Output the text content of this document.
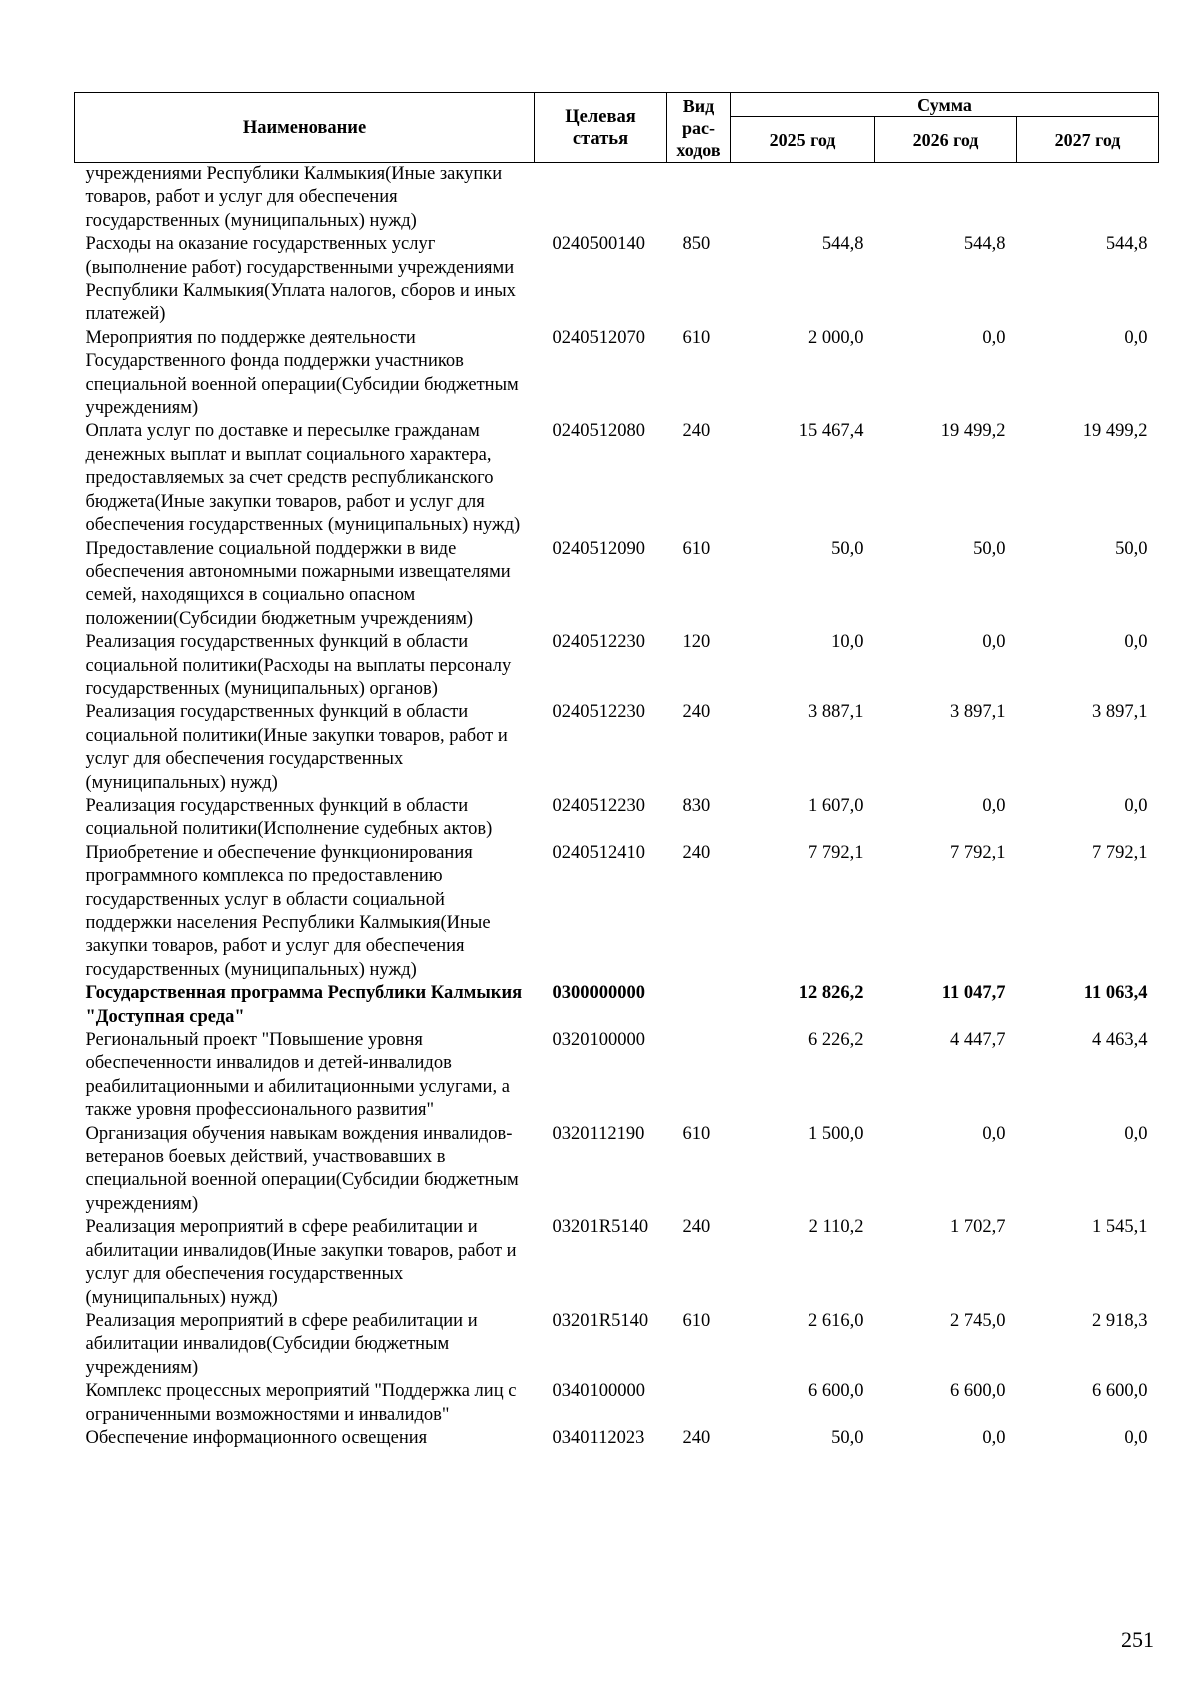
Наименование	Целевая статья	Вид рас-ходов	Сумма		
			2025 год	2026 год	2027 год
учреждениями Республики Калмыкия(Иные закупки товаров, работ и услуг для обеспечения государственных (муниципальных) нужд)					
Расходы на оказание государственных услуг (выполнение работ) государственными учреждениями Республики Калмыкия(Уплата налогов, сборов и иных платежей)	0240500140	850	544,8	544,8	544,8
Мероприятия по поддержке деятельности Государственного фонда поддержки участников специальной военной операции(Субсидии бюджетным учреждениям)	0240512070	610	2 000,0	0,0	0,0
Оплата услуг по доставке и пересылке гражданам денежных выплат и выплат социального характера, предоставляемых за счет средств республиканского бюджета(Иные закупки товаров, работ и услуг для обеспечения государственных (муниципальных) нужд)	0240512080	240	15 467,4	19 499,2	19 499,2
Предоставление социальной поддержки в виде обеспечения автономными пожарными извещателями семей, находящихся в социально опасном положении(Субсидии бюджетным учреждениям)	0240512090	610	50,0	50,0	50,0
Реализация государственных функций в области социальной политики(Расходы на выплаты персоналу государственных (муниципальных) органов)	0240512230	120	10,0	0,0	0,0
Реализация государственных функций в области социальной политики(Иные закупки товаров, работ и услуг для обеспечения государственных (муниципальных) нужд)	0240512230	240	3 887,1	3 897,1	3 897,1
Реализация государственных функций в области социальной политики(Исполнение судебных актов)	0240512230	830	1 607,0	0,0	0,0
Приобретение и обеспечение функционирования программного комплекса по предоставлению государственных услуг в области социальной поддержки населения Республики Калмыкия(Иные закупки товаров, работ и услуг для обеспечения государственных (муниципальных) нужд)	0240512410	240	7 792,1	7 792,1	7 792,1
Государственная программа Республики Калмыкия "Доступная среда"	0300000000		12 826,2	11 047,7	11 063,4
Региональный проект "Повышение уровня обеспеченности инвалидов и детей-инвалидов реабилитационными и абилитационными услугами, а также уровня профессионального развития"	0320100000		6 226,2	4 447,7	4 463,4
Организация обучения навыкам вождения инвалидов-ветеранов боевых действий, участвовавших в специальной военной операции(Субсидии бюджетным учреждениям)	0320112190	610	1 500,0	0,0	0,0
Реализация мероприятий в сфере реабилитации и абилитации инвалидов(Иные закупки товаров, работ и услуг для обеспечения государственных (муниципальных) нужд)	03201R5140	240	2 110,2	1 702,7	1 545,1
Реализация мероприятий в сфере реабилитации и абилитации инвалидов(Субсидии бюджетным учреждениям)	03201R5140	610	2 616,0	2 745,0	2 918,3
Комплекс процессных мероприятий "Поддержка лиц с ограниченными возможностями и инвалидов"	0340100000		6 600,0	6 600,0	6 600,0
Обеспечение информационного освещения	0340112023	240	50,0	0,0	0,0
251
